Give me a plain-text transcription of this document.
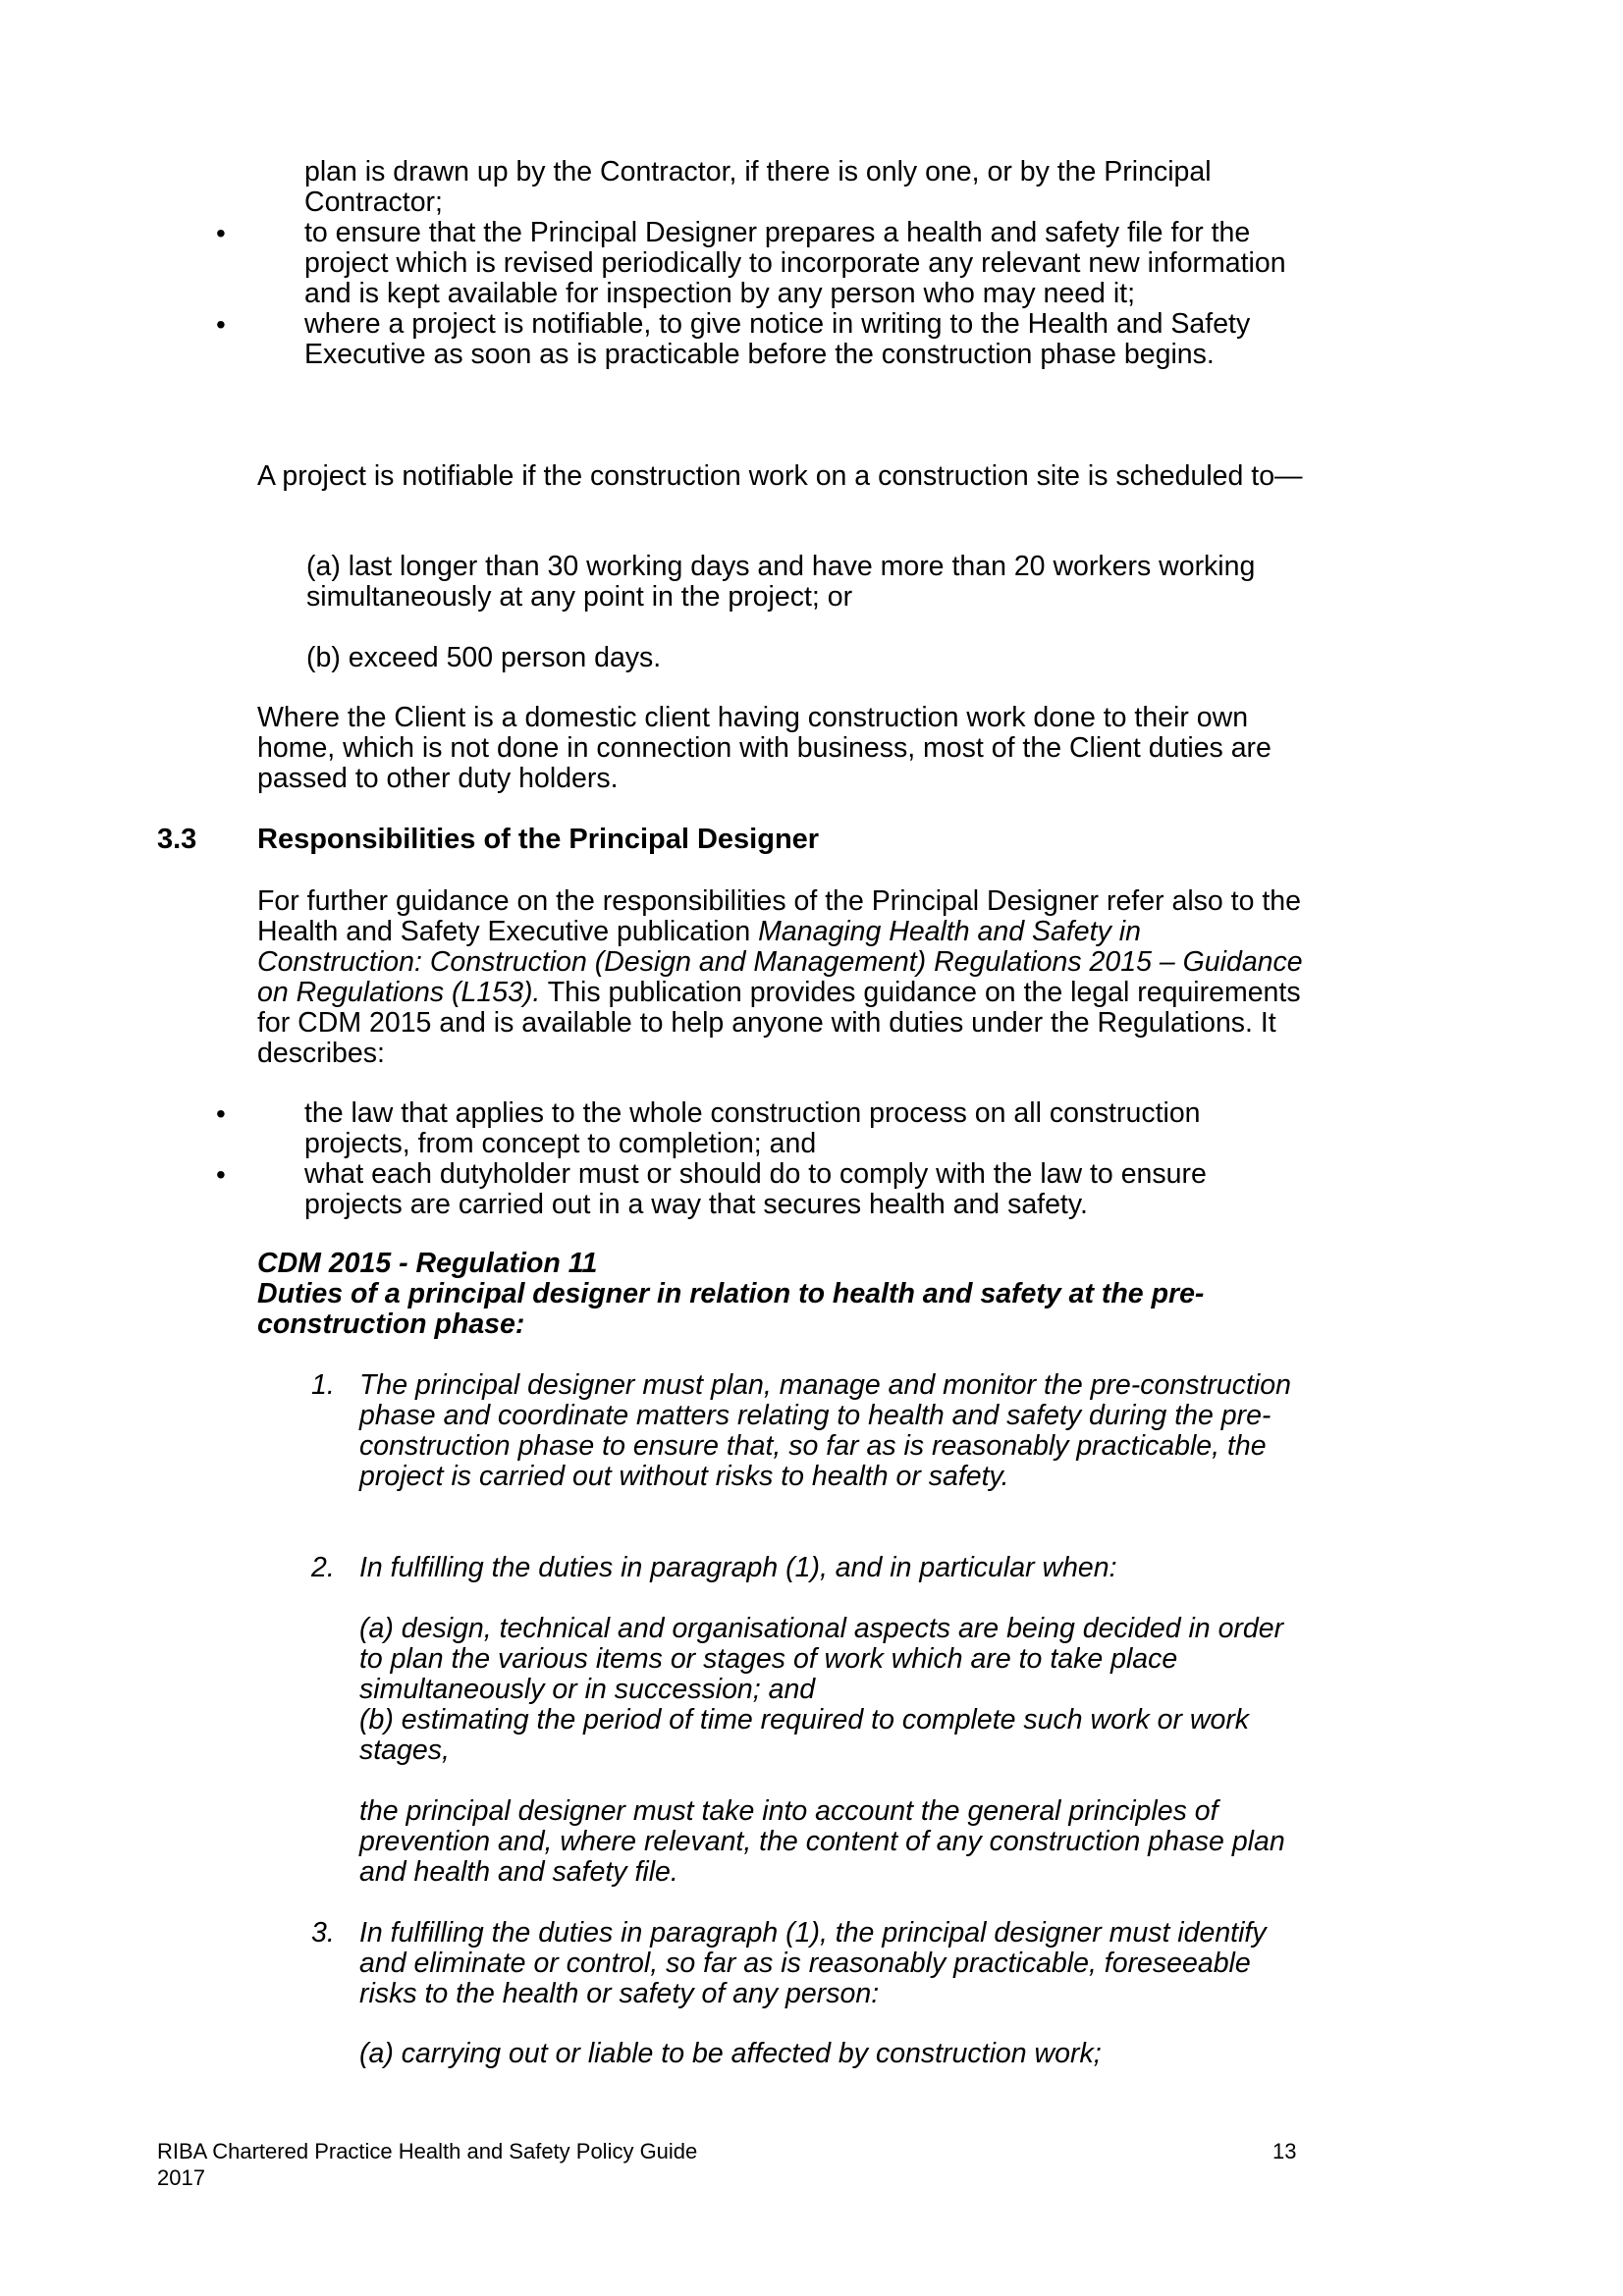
plan is drawn up by the Contractor, if there is only one, or by the Principal Contractor;

•	to ensure that the Principal Designer prepares a health and safety file for the project which is revised periodically to incorporate any relevant new information and is kept available for inspection by any person who may need it;
•	where a project is notifiable, to give notice in writing to the Health and Safety Executive as soon as is practicable before the construction phase begins.

A project is notifiable if the construction work on a construction site is scheduled to—

(a) last longer than 30 working days and have more than 20 workers working simultaneously at any point in the project; or

(b) exceed 500 person days.

Where the Client is a domestic client having construction work done to their own home, which is not done in connection with business, most of the Client duties are passed to other duty holders.

3.3 Responsibilities of the Principal Designer

For further guidance on the responsibilities of the Principal Designer refer also to the Health and Safety Executive publication Managing Health and Safety in Construction: Construction (Design and Management) Regulations 2015 – Guidance on Regulations (L153). This publication provides guidance on the legal requirements for CDM 2015 and is available to help anyone with duties under the Regulations. It describes:

•	the law that applies to the whole construction process on all construction projects, from concept to completion; and
•	what each dutyholder must or should do to comply with the law to ensure projects are carried out in a way that secures health and safety.
CDM 2015 - Regulation 11
Duties of a principal designer in relation to health and safety at the pre-construction phase:
1. The principal designer must plan, manage and monitor the pre-construction phase and coordinate matters relating to health and safety during the pre-construction phase to ensure that, so far as is reasonably practicable, the project is carried out without risks to health or safety.
2. In fulfilling the duties in paragraph (1), and in particular when:
(a) design, technical and organisational aspects are being decided in order to plan the various items or stages of work which are to take place simultaneously or in succession; and
(b) estimating the period of time required to complete such work or work stages,
the principal designer must take into account the general principles of prevention and, where relevant, the content of any construction phase plan and health and safety file.
3. In fulfilling the duties in paragraph (1), the principal designer must identify and eliminate or control, so far as is reasonably practicable, foreseeable risks to the health or safety of any person:
(a) carrying out or liable to be affected by construction work;
RIBA Chartered Practice Health and Safety Policy Guide
2017
13
